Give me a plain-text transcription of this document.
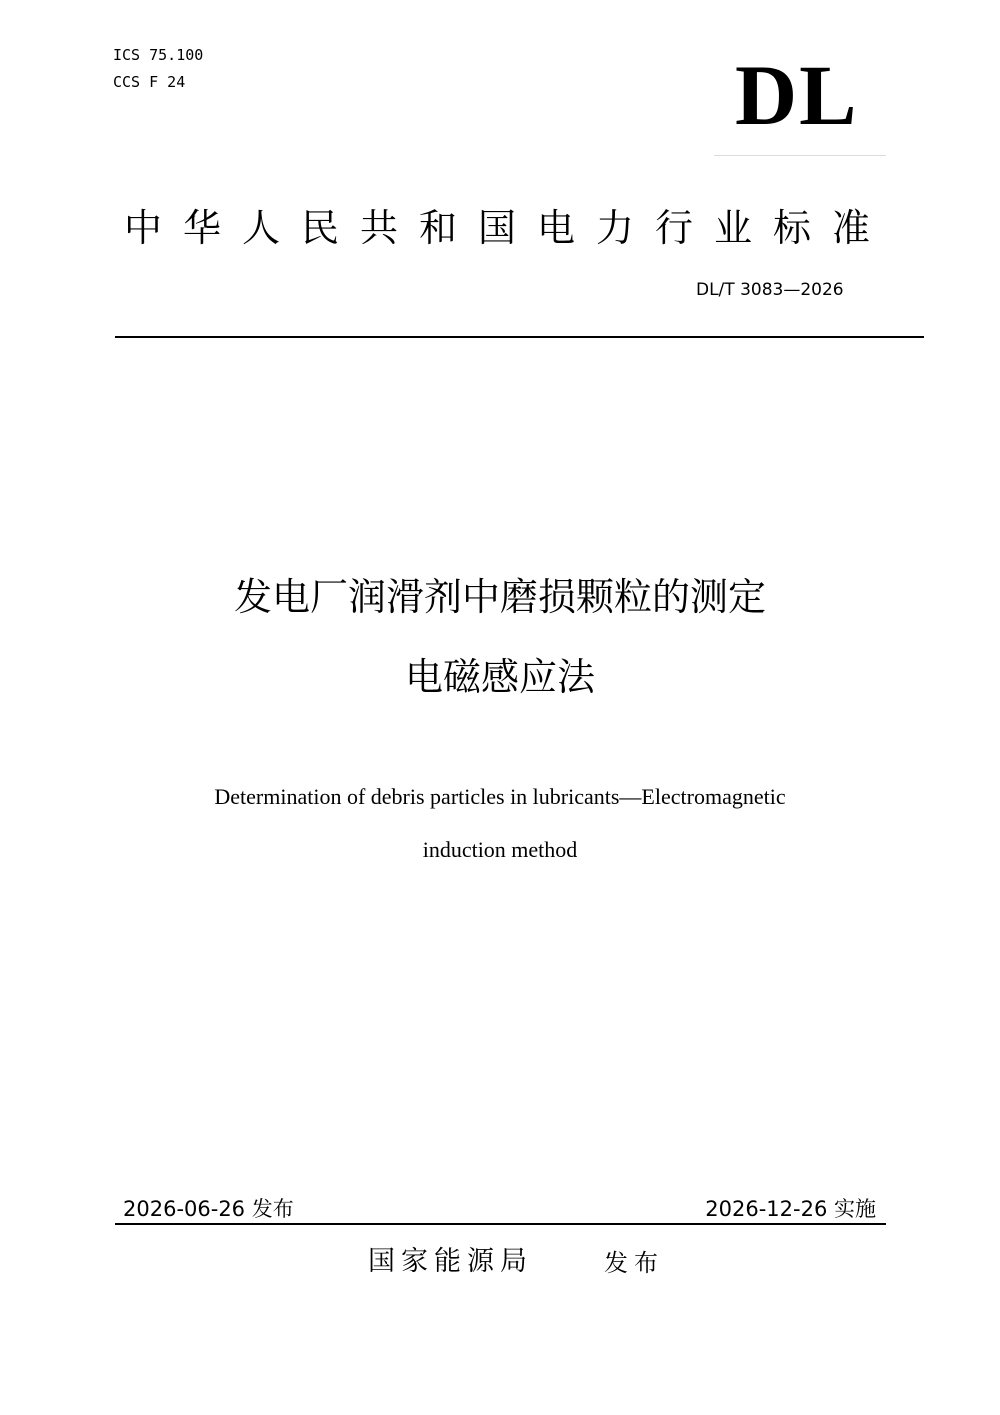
ICS 75.100
CCS F 24	DL
中华人民共和国电力行业标准
DL/T 3083—2026
发电厂润滑剂中磨损颗粒的测定
电磁感应法
Determination of debris particles in lubricants—Electromagnetic
induction method
2026-06-26 发布	2026-12-26 实施
国家能源局	发布
